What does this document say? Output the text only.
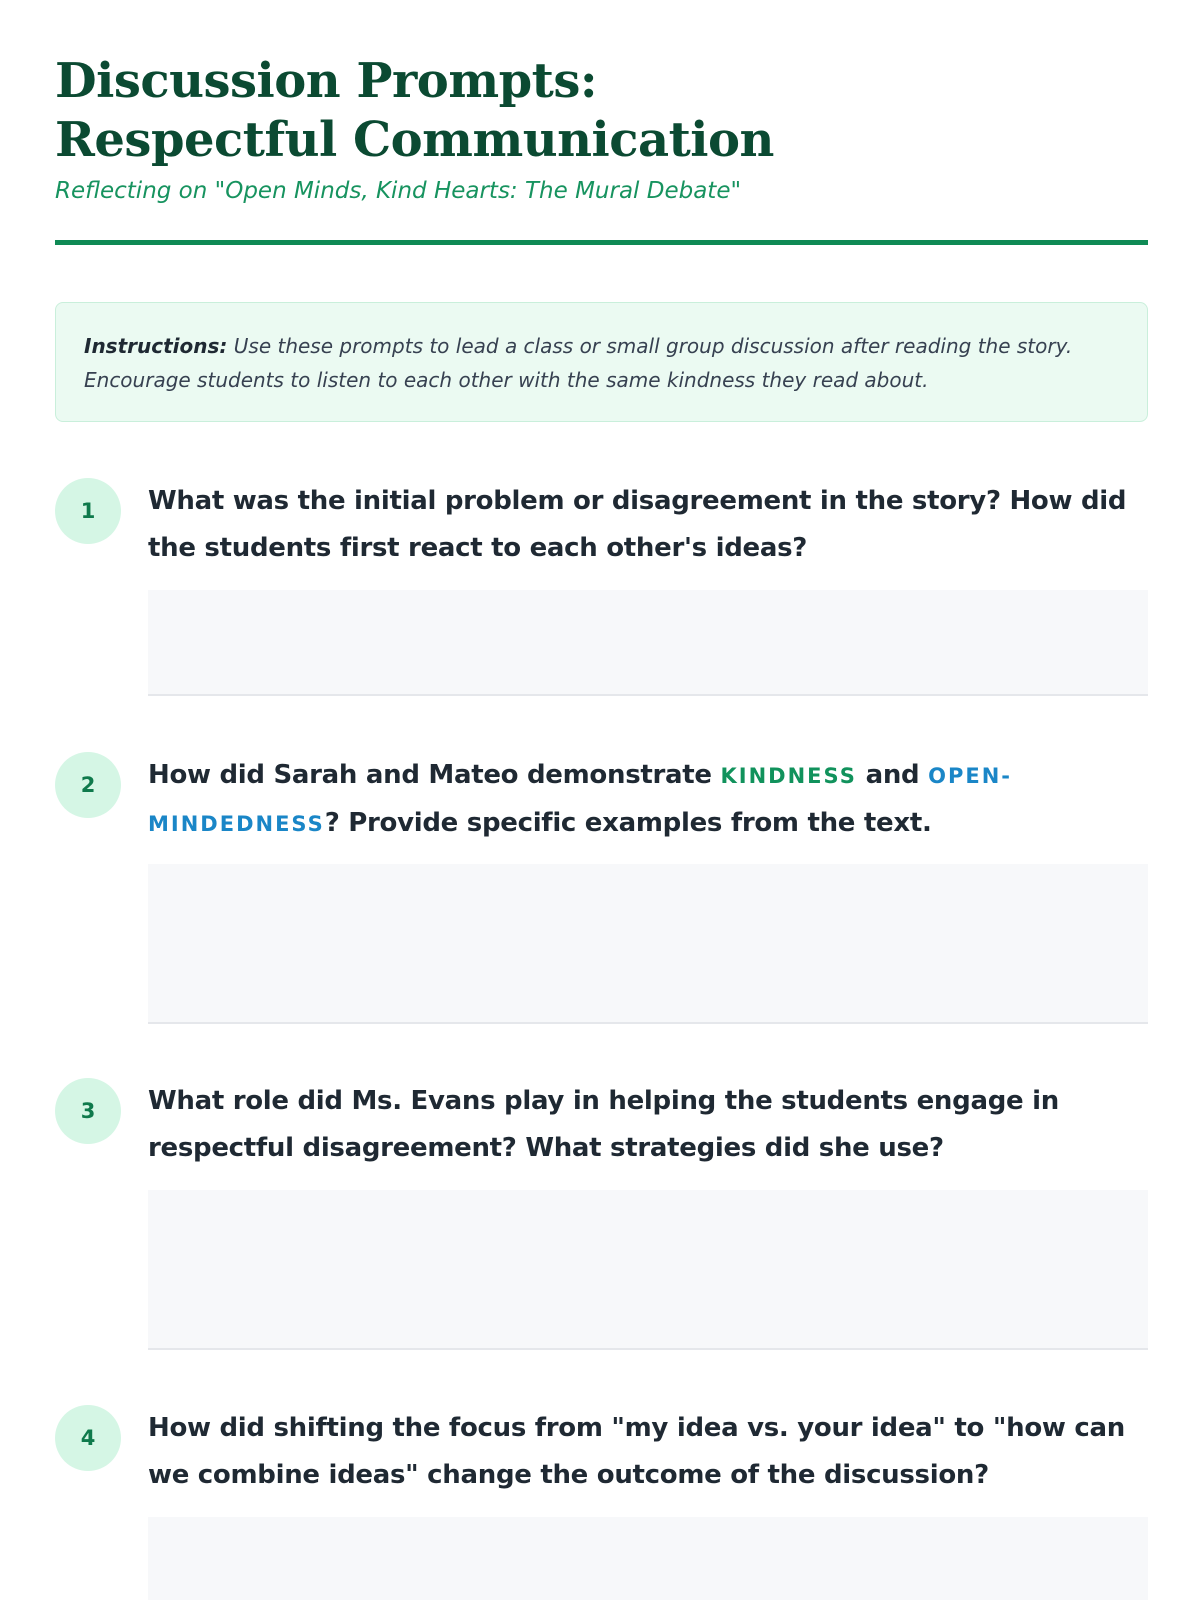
Discussion Prompts: Respectful Communication

Reflecting on "Open Minds, Kind Hearts: The Mural Debate"

Instructions: Use these prompts to lead a class or small group discussion after reading the story. Encourage students to listen to each other with the same kindness they read about.
1	What was the initial problem or disagreement in the story? How did the students first react to each other's ideas?

2	How did Sarah and Mateo demonstrate KINDNESS and OPEN-MINDEDNESS? Provide specific examples from the text.

3	What role did Ms. Evans play in helping the students engage in respectful disagreement? What strategies did she use?

4	How did shifting the focus from "my idea vs. your idea" to "how can we combine ideas" change the outcome of the discussion?
